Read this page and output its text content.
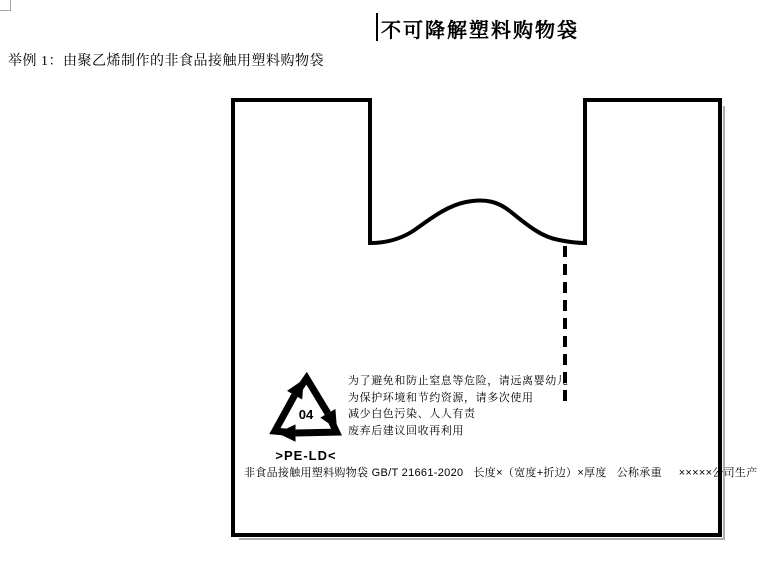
不可降解塑料购物袋
举例 1：由聚乙烯制作的非食品接触用塑料购物袋
04
>PE-LD<
为了避免和防止窒息等危险，请远离婴幼儿
为保护环境和节约资源，请多次使用
减少白色污染、人人有责
废弃后建议回收再利用
非食品接触用塑料购物袋 GB/T 21661-2020   长度×（宽度+折边）×厚度   公称承重     ×××××公司生产
